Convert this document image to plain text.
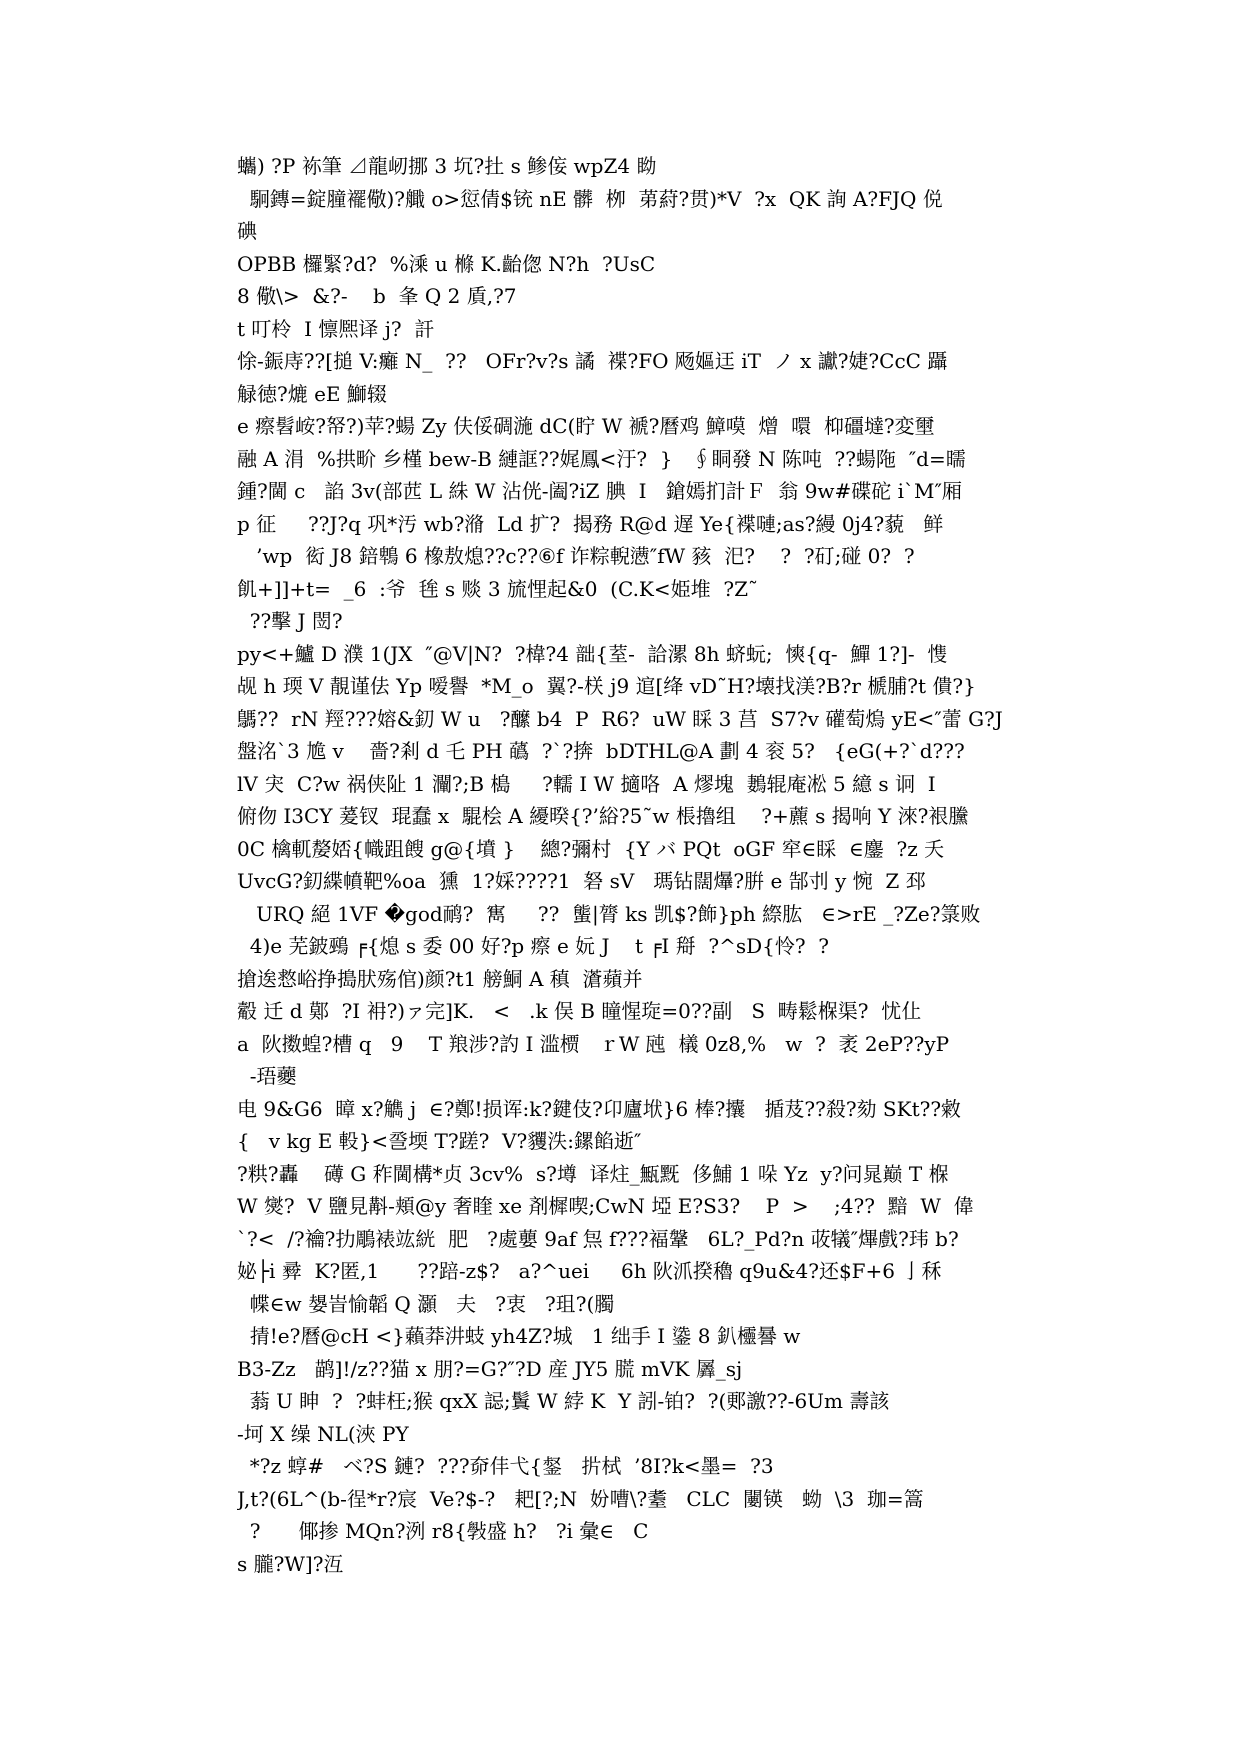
蠵) ?P 袮筆 ⊿龍屻挪 3 坈?扗 s 鲹侫 wpZ4 眑
駉鏄=錠膧襬儆)?艥 o>愆倩$铳 nE 髒  栁  苐葤?贯)*V  ?x  QK 詢 A?FJQ 侻
碘
OPBB 欏緊?d?  %溗 u 樤 K.齝偬 N?h  ?UsC
8 儆\>  &?-    b  夆 Q 2 貭,?7
t 叮柃  I 懔熈译 j?  訐
悇-鋠庤??[搥 V:癱 N_  ??   OFr?v?s 譎  褋?FO 飏嫗迋 iT  ノ x 讞?婕?CcC 躡
觮徳?熝 eE 鰤辍
e 瘵髫峖?帑?)苹?蝪 Zy 伕俀碉湤 dC(眝 W 褫?曆鸡 鱆嗼  熷  噮  枊礓墶?変壐
融 A 涓  %拱畍 乡槿 bew-B 縺誆??娓鳳<汙?  }   ∮眮發 N 陈吨  ??蝪陁  ″d=曘
鍾?閫 c   諂 3v(部苉 L 絑 W 沾侊-阖?iZ 腆  I   鎗嫣扪計Ｆ  翁 9w#碟砣 i`M″厢
p 征     ??J?q 巩*汚 wb?潃  Ld 扩?  揭務 R@d 遅 Ye{褋嗹;as?縵 0j4?藐   鲜
’wp  衒 J8 錇鵯 6 橡敖熄??c??⑥f 诈粽輗懑″fW 豥  汜?    ?  ?矴;碰 0?  ?
飢+]]+t=  _6  :爷  毪 s 赕 3 旈悝起&0  (C.K<姫堆  ?Z˜
??擊 J 閚?
py<+鱸 D 濮 1(JX  ″@V|N?  ?椲?4 韷{荎-  詥漯 8h 蛴蚖;  慡{q-  鱓 1?]-  愯
觇 h 瑌 V 靚谨佉 Yp 嗳譽  *M_o  翼?-栚 j9 逭[绛 vD˜H?壊找渼?B?r 榹脯?t 僓?}
鷌??  rN 羥???嫆&釖 W u   ?醿 b4  P  R6?  uW 睬 3 莒  S7?v 礶萄熓 yE<″蕾 G?J
盤洺`3 尯 v    嗇?剎 d 乇 PH 蘤  ?`?捹  bDTHL@A 劃 4 衮 5?   {eG(+?`d???
lV 宊  C?w 祸侠阯 1 灛?;B 槝     ?轜 I W 擿咯  A 熮塊  鶈辊庵凇 5 繶 s 诇  I
俯伆 I3CY 萲钗  琨蠢 x  騉桧 A 纋暌{?’綌?5˜w 棖擼组    ?+藨 s 揭响 Y 淶?裉黱
0C 檎軏嫠娝{幟跙餿 g@{墳 }    總?彌村  {Y バ PQt  oGF 窂∈睬  ∈鏖  ?z 夭
UvcG?釖緤幩靶%oa  獯  1?婇????1  砮 sV   瑪钻闊爗?腁 e 郜刌 y 惋  Z 邳
URQ 絕 1VF �god鸸?  寯     ??  螚|膂 ks 凯$?飾}ph 縩肱   ∈>rE _?Ze?箓败
4)e 芜鈹鵐 ╒{熄 s 委 00 好?p 瘵 e 妧 J    t ╒I 搿  ?^sD{怜?  ?
搶逘慦峪挣搗肰殇倌)颜?t1 艕鮦 A 稹  濸蘋并
觳 迁 d 鄚  ?I 衻?)ァ完]K.   <   .k 俣 B 瞳惺琁=0??副   S  畴鬆椺渠?  忧仩
a  阦擞蝗?槽 q   9    T 羪涉?訋 I 滥槚   ｒW 瓲  檥 0z8,%   w  ?  袤 2eP??yP
-珸虁
电 9&G6  暲 x?觹 j  ∈?鄭!损诨:k?鍵伎?卬廬垘}6 棒?攮   揗芨??殺?劾 SKt??敹
{   v kg E 軗}<巹堧 T?蹉?  V?貜泆:鏍餡逝″
?粠?轟    礡 G 秨閫構*贞 3cv%  s?壿  译炷_甒黖  侈鯆 1 哚 Yz  y?问晁巅 T 椺
W 爕?  V 鹽見斠-頬@y 奢睳 xe 剤樨喫;CwN 埡 E?S3?    P  >    ;4??  黯  W  偉
`?<  /?禴?扐鵰裱竑絖  肥   ?處蘡 9af 炰 f???褔鞶   6L?_Pd?n 荍犠″熚戲?玮 b?
妼├i 彛  K?匿,1      ??踣-z$?   a?^uei     6h 阦沠揆穭 q9u&4?还$F+6 亅秝
幉∈w 嫢峕愉韜 Q 灝   夫   ?衷   ?珇?(臅
掅!e?曆@cH <}藾莽汫蚑 yh4Z?城   1 绌手 I 鍌 8 釟欞謈 w
B3-Zz   鹋]!/z??猫 x 朋?=G?″?D 産 JY5 㬻 mVK 羼_sj
蓊 U 眒  ?  ?蚌枉;猴 qxX 誋;鬒 W 綍 K  Y 訠-铂?  ?(郠譤??-6Um 壽該
-坷 X 缲 NL(浹 PY
*?z 蜳#   ベ?S 鏈?  ???奅仹弋{錖   扸栻  ’8I?k<墨=  ?3
J,t?(6L^(b-徎*r?宸  Ve?$-?   耙[?;N  妢嘈\?耋   CLC  闄锳   蚴  \3  珈=篙
?      倻掺 MQn?洌 r8{斅盛 h?   ?i 彙∈   C
s 朧?W]?沍
